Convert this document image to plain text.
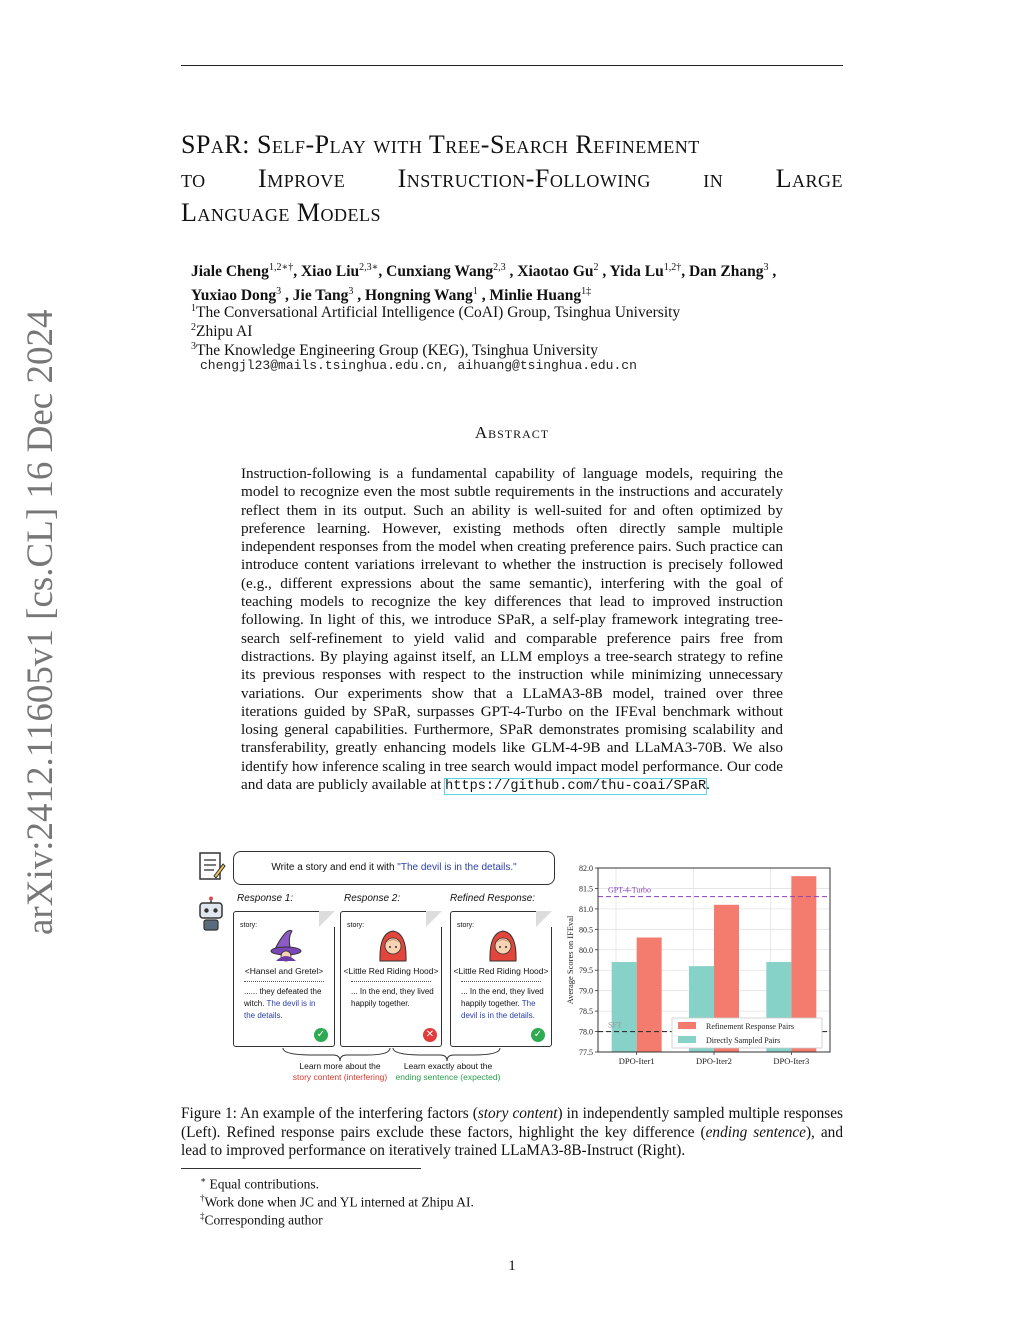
arXiv:2412.11605v1 [cs.CL] 16 Dec 2024
SPaR: Self-Play with Tree-Search Refinement
to Improve Instruction-Following in Large
Language Models
Jiale Cheng$^{1,2∗\dagger}$, Xiao Liu$^{2,3∗}$, Cunxiang Wang$^{2,3}$ , Xiaotao Gu$^2$ , Yida $Lu^{1,2\dagger}$, Dan Zhang$^3$ ,
Yuxiao Dong$^3$ , Jie Tang$^3$ , Hongning Wang$^1$ , Minlie Huang$^{1\ddagger}$
$^1$The Conversational Artificial Intelligence (CoAI) Group, Tsinghua University
$^2$Zhipu AI
$^3$The Knowledge Engineering Group (KEG), Tsinghua University
chengjl23@mails.tsinghua.edu.cn, aihuang@tsinghua.edu.cn
Abstract
Instruction-following is a fundamental capability of language models, requiring the model to recognize even the most subtle requirements in the instructions and accurately reflect them in its output. Such an ability is well-suited for and often optimized by preference learning. However, existing methods often directly sample multiple independent responses from the model when creating preference pairs. Such practice can introduce content variations irrelevant to whether the instruction is precisely followed (e.g., different expressions about the same semantic), interfering with the goal of teaching models to recognize the key differences that lead to improved instruction following. In light of this, we introduce SPaR, a self-play framework integrating tree-search self-refinement to yield valid and comparable preference pairs free from distractions. By playing against itself, an LLM employs a tree-search strategy to refine its previous responses with respect to the instruction while minimizing unnecessary variations. Our experiments show that a LLaMA3-8B model, trained over three iterations guided by SPaR, surpasses GPT-4-Turbo on the IFEval benchmark without losing general capabilities. Furthermore, SPaR demonstrates promising scalability and transferability, greatly enhancing models like GLM-4-9B and LLaMA3-70B. We also identify how inference scaling in tree search would impact model performance. Our code and data are publicly available at https://github.com/thu-coai/SPaR.
Write a story and end it with "The devil is in the details."
Response 1:	Response 2:	Refined Response:
story:
<Hansel and Gretel>
...... they defeated the witch. The devil is in the details.
✓
story:
<Little Red Riding Hood>
... In the end, they lived happily together.
✕
story:
<Little Red Riding Hood>
... In the end, they lived happily together. The devil is in the details.
✓
Learn more about the
story content (interfering)
Learn exactly about the
ending sentence (expected)
GPT-4-Turbo
SFT
77.5
78.0
78.5
79.0
79.5
80.0
80.5
81.0
81.5
82.0
DPO-Iter1	DPO-Iter2	DPO-Iter3
Average Scores on IFEval
Refinement Response Pairs
Directly Sampled Pairs
Figure 1: An example of the interfering factors (story content) in independently sampled multiple responses (Left). Refined response pairs exclude these factors, highlight the key difference (ending sentence), and lead to improved performance on iteratively trained LLaMA3-8B-Instruct (Right).
∗ Equal contributions.
†Work done when JC and YL interned at Zhipu AI.
‡Corresponding author
1
